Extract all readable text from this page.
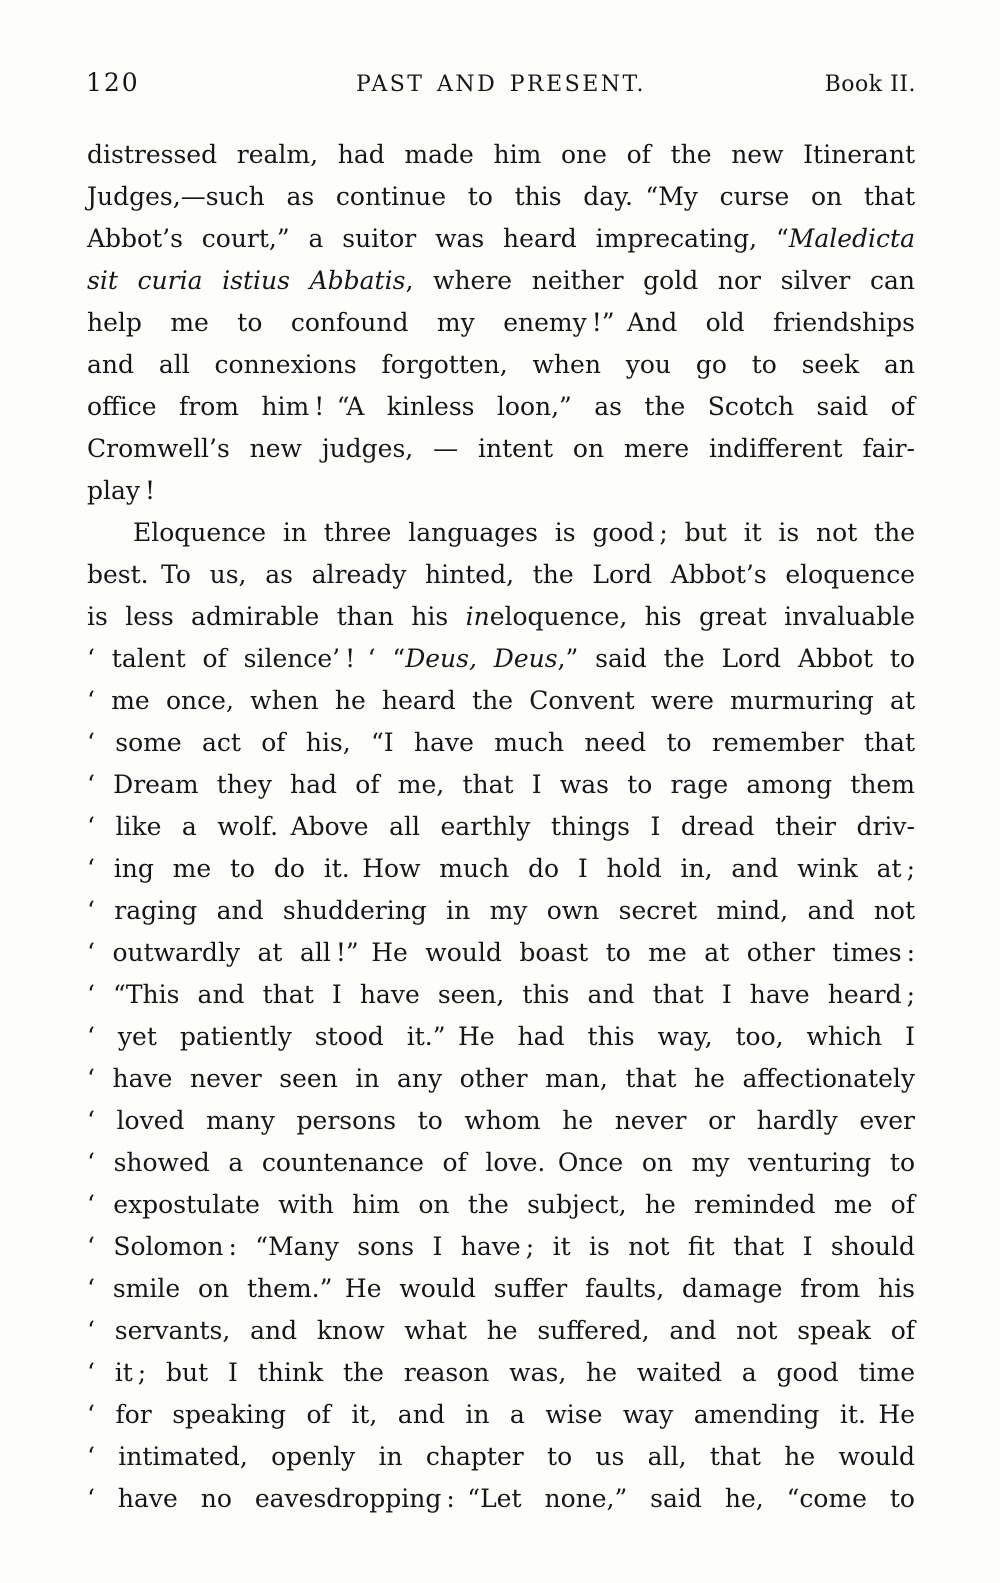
120	PAST AND PRESENT.	Book II.
distressed realm, had made him one of the new Itinerant
Judges,—such as continue to this day. “My curse on that
Abbot’s court,” a suitor was heard imprecating, “Maledicta
sit curia istius Abbatis, where neither gold nor silver can
help me to confound my enemy !” And old friendships
and all connexions forgotten, when you go to seek an
office from him ! “A kinless loon,” as the Scotch said of
Cromwell’s new judges, — intent on mere indifferent fair-
play !
Eloquence in three languages is good ; but it is not the
best. To us, as already hinted, the Lord Abbot’s eloquence
is less admirable than his ineloquence, his great invaluable
‘ talent of silence’ ! ‘ “Deus, Deus,” said the Lord Abbot to
‘ me once, when he heard the Convent were murmuring at
‘ some act of his, “I have much need to remember that
‘ Dream they had of me, that I was to rage among them
‘ like a wolf. Above all earthly things I dread their driv-
‘ ing me to do it. How much do I hold in, and wink at ;
‘ raging and shuddering in my own secret mind, and not
‘ outwardly at all !” He would boast to me at other times :
‘ “This and that I have seen, this and that I have heard ;
‘ yet patiently stood it.” He had this way, too, which I
‘ have never seen in any other man, that he affectionately
‘ loved many persons to whom he never or hardly ever
‘ showed a countenance of love. Once on my venturing to
‘ expostulate with him on the subject, he reminded me of
‘ Solomon : “Many sons I have ; it is not fit that I should
‘ smile on them.” He would suffer faults, damage from his
‘ servants, and know what he suffered, and not speak of
‘ it ; but I think the reason was, he waited a good time
‘ for speaking of it, and in a wise way amending it. He
‘ intimated, openly in chapter to us all, that he would
‘ have no eavesdropping : “Let none,” said he, “come to
